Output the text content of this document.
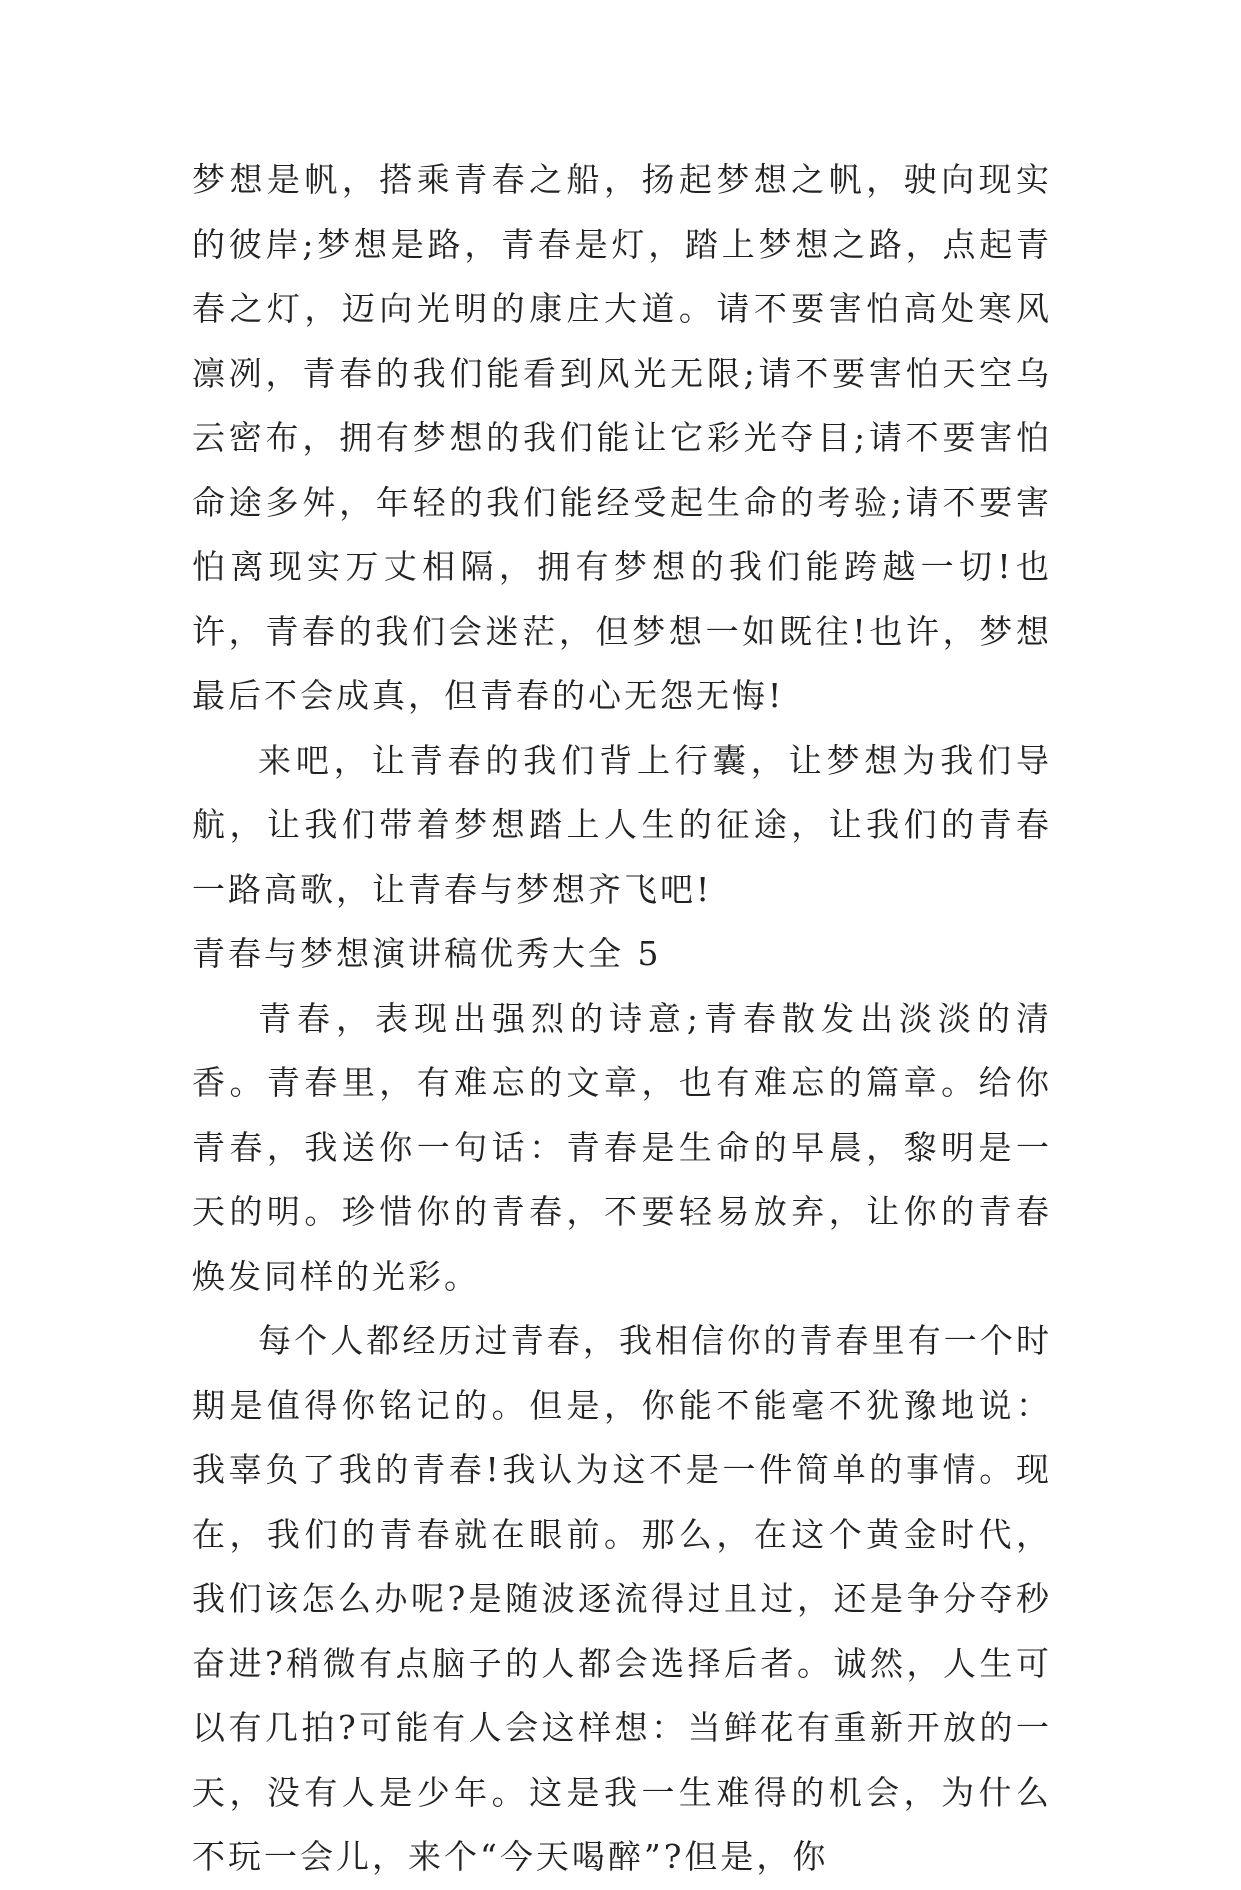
梦想是帆，搭乘青春之船，扬起梦想之帆，驶向现实的彼岸;梦想是路，青春是灯，踏上梦想之路，点起青春之灯，迈向光明的康庄大道。请不要害怕高处寒风凛冽，青春的我们能看到风光无限;请不要害怕天空乌云密布，拥有梦想的我们能让它彩光夺目;请不要害怕命途多舛，年轻的我们能经受起生命的考验;请不要害怕离现实万丈相隔，拥有梦想的我们能跨越一切!也许，青春的我们会迷茫，但梦想一如既往!也许，梦想最后不会成真，但青春的心无怨无悔!

来吧，让青春的我们背上行囊，让梦想为我们导航，让我们带着梦想踏上人生的征途，让我们的青春一路高歌，让青春与梦想齐飞吧!

青春与梦想演讲稿优秀大全 5

青春，表现出强烈的诗意;青春散发出淡淡的清香。青春里，有难忘的文章，也有难忘的篇章。给你青春，我送你一句话：青春是生命的早晨，黎明是一天的明。珍惜你的青春，不要轻易放弃，让你的青春焕发同样的光彩。

每个人都经历过青春，我相信你的青春里有一个时期是值得你铭记的。但是，你能不能毫不犹豫地说：我辜负了我的青春!我认为这不是一件简单的事情。现在，我们的青春就在眼前。那么，在这个黄金时代，我们该怎么办呢?是随波逐流得过且过，还是争分夺秒奋进?稍微有点脑子的人都会选择后者。诚然，人生可以有几拍?可能有人会这样想：当鲜花有重新开放的一天，没有人是少年。这是我一生难得的机会，为什么不玩一会儿，来个“今天喝醉”?但是，你
